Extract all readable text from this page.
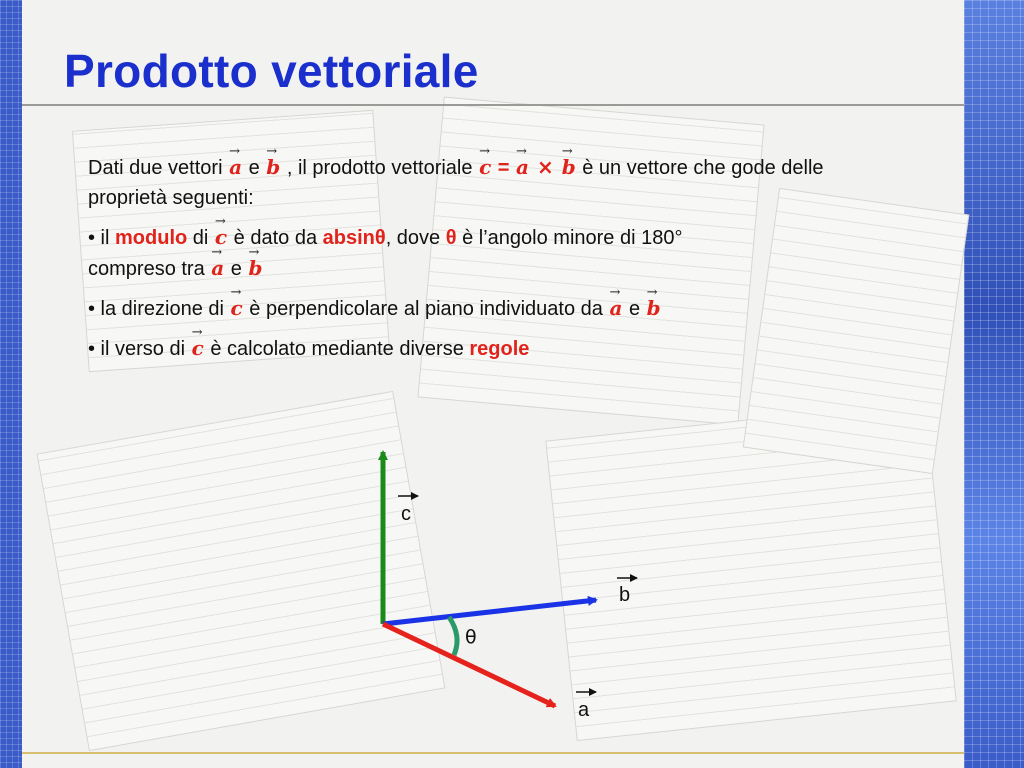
Prodotto vettoriale

Dati due vettori → a e → b , il prodotto vettoriale → c = → a × → b è un vettore che gode delle proprietà seguenti:

• il modulo di → c è dato da absinθ, dove θ è l’angolo minore di 180°
compreso tra → a e → b

• la direzione di → c è perpendicolare al piano individuato da → a e → b

• il verso di → c è calcolato mediante diverse regole

c
b
a
θ
